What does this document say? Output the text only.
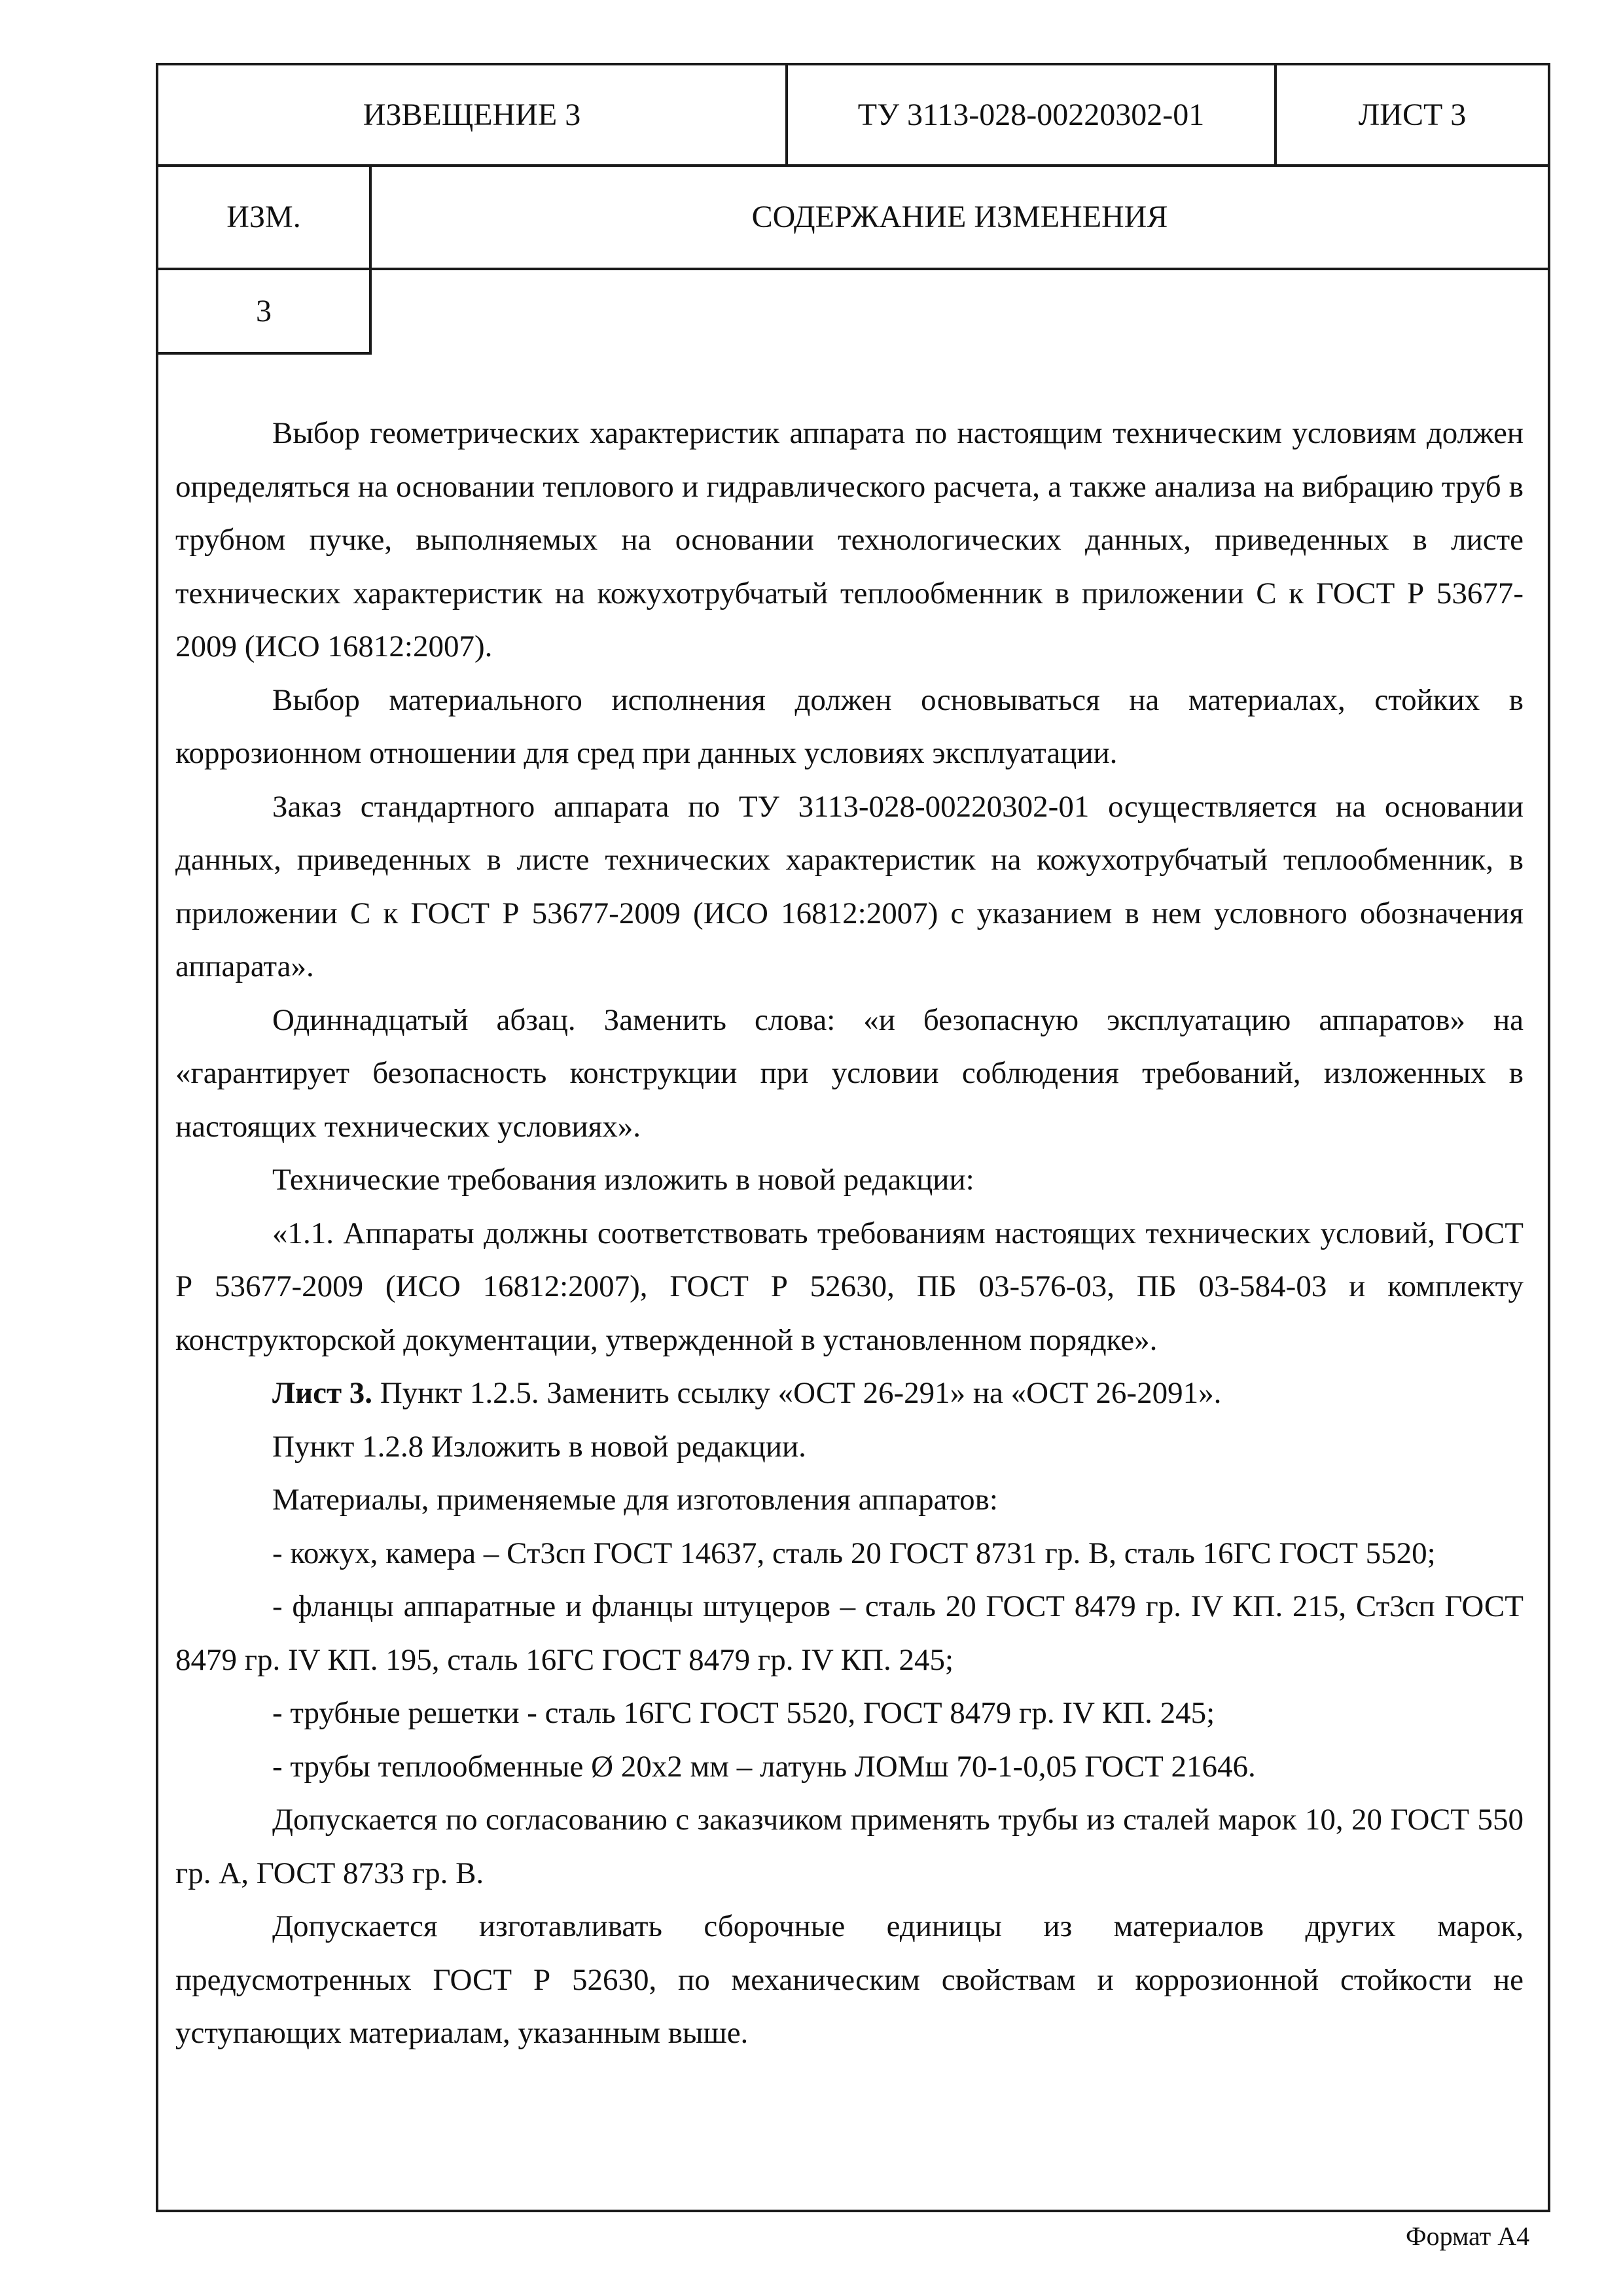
ИЗВЕЩЕНИЕ 3	ТУ 3113-028-00220302-01	ЛИСТ 3
ИЗМ.	СОДЕРЖАНИЕ ИЗМЕНЕНИЯ
3

Выбор геометрических характеристик аппарата по настоящим техническим условиям должен определяться на основании теплового и гидравлического расчета, а также анализа на вибрацию труб в трубном пучке, выполняемых на основании технологических данных, приведенных в листе технических характеристик на кожухотрубчатый теплообменник в приложении С к ГОСТ Р 53677-2009 (ИСО 16812:2007).

Выбор материального исполнения должен основываться на материалах, стойких в коррозионном отношении для сред при данных условиях эксплуатации.

Заказ стандартного аппарата по ТУ 3113-028-00220302-01 осуществляется на основании данных, приведенных в листе технических характеристик на кожухотрубчатый теплообменник, в приложении С к ГОСТ Р 53677-2009 (ИСО 16812:2007) с указанием в нем условного обозначения аппарата».

Одиннадцатый абзац. Заменить слова: «и безопасную эксплуатацию аппаратов» на «гарантирует безопасность конструкции при условии соблюдения требований, изложенных в настоящих технических условиях».

Технические требования изложить в новой редакции:

«1.1. Аппараты должны соответствовать требованиям настоящих технических условий, ГОСТ Р 53677-2009 (ИСО 16812:2007), ГОСТ Р 52630, ПБ 03-576-03, ПБ 03-584-03 и комплекту конструкторской документации, утвержденной в установленном порядке».

Лист 3. Пункт 1.2.5. Заменить ссылку «ОСТ 26-291» на «ОСТ 26-2091».

Пункт 1.2.8 Изложить в новой редакции.

Материалы, применяемые для изготовления аппаратов:

- кожух, камера – Ст3сп ГОСТ 14637, сталь 20 ГОСТ 8731 гр. В, сталь 16ГС ГОСТ 5520;

- фланцы аппаратные и фланцы штуцеров – сталь 20 ГОСТ 8479 гр. IV КП. 215, Ст3сп ГОСТ 8479 гр. IV КП. 195, сталь 16ГС ГОСТ 8479 гр. IV КП. 245;

- трубные решетки - сталь 16ГС ГОСТ 5520, ГОСТ 8479 гр. IV КП. 245;

- трубы теплообменные Ø 20x2 мм – латунь ЛОМш 70-1-0,05 ГОСТ 21646.

Допускается по согласованию с заказчиком применять трубы из сталей марок 10, 20 ГОСТ 550 гр. А, ГОСТ 8733 гр. В.

Допускается изготавливать сборочные единицы из материалов других марок, предусмотренных ГОСТ Р 52630, по механическим свойствам и коррозионной стойкости не уступающих материалам, указанным выше.

Формат А4
